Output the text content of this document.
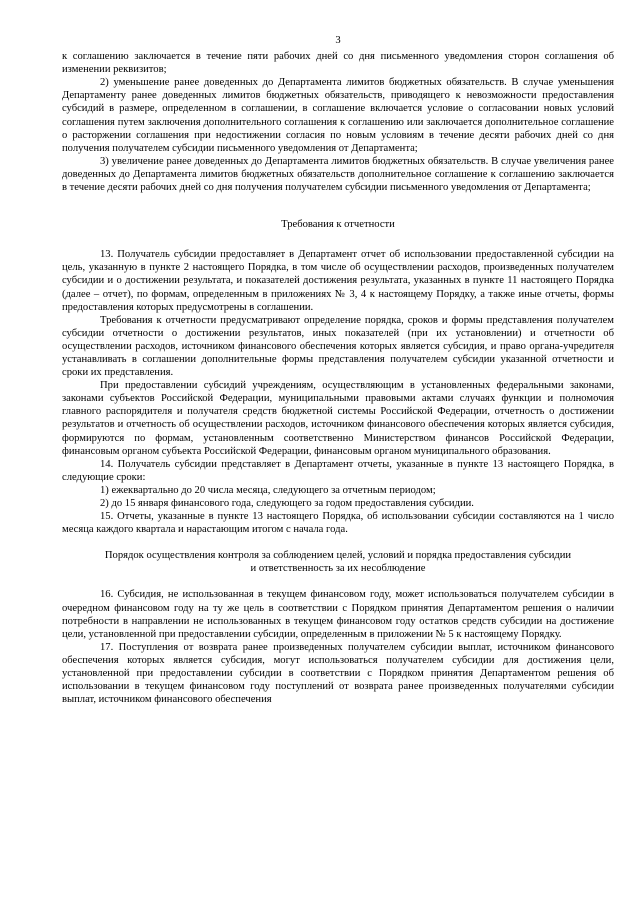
3

к соглашению заключается в течение пяти рабочих дней со дня письменного уведомления сторон соглашения об изменении реквизитов;

2) уменьшение ранее доведенных до Департамента лимитов бюджетных обязательств. В случае уменьшения Департаменту ранее доведенных лимитов бюджетных обязательств, приводящего к невозможности предоставления субсидий в размере, определенном в соглашении, в соглашение включается условие о согласовании новых условий соглашения путем заключения дополнительного соглашения к соглашению или заключается дополнительное соглашение о расторжении соглашения при недостижении согласия по новым условиям в течение десяти рабочих дней со дня получения получателем субсидии письменного уведомления от Департамента;

3) увеличение ранее доведенных до Департамента лимитов бюджетных обязательств. В случае увеличения ранее доведенных до Департамента лимитов бюджетных обязательств дополнительное соглашение к соглашению заключается в течение десяти рабочих дней со дня получения получателем субсидии письменного уведомления от Департамента;

Требования к отчетности

13. Получатель субсидии предоставляет в Департамент отчет об использовании предоставленной субсидии на цель, указанную в пункте 2 настоящего Порядка, в том числе об осуществлении расходов, произведенных получателем субсидии и о достижении результата, и показателей достижения результата, указанных в пункте 11 настоящего Порядка (далее – отчет), по формам, определенным в приложениях № 3, 4 к настоящему Порядку, а также иные отчеты, формы предоставления которых предусмотрены в соглашении.

Требования к отчетности предусматривают определение порядка, сроков и формы представления получателем субсидии отчетности о достижении результатов, иных показателей (при их установлении) и отчетности об осуществлении расходов, источником финансового обеспечения которых является субсидия, и право органа-учредителя устанавливать в соглашении дополнительные формы представления получателем субсидии указанной отчетности и сроки их представления.

При предоставлении субсидий учреждениям, осуществляющим в установленных федеральными законами, законами субъектов Российской Федерации, муниципальными правовыми актами случаях функции и полномочия главного распорядителя и получателя средств бюджетной системы Российской Федерации, отчетность о достижении результатов и отчетность об осуществлении расходов, источником финансового обеспечения которых является субсидия, формируются по формам, установленным соответственно Министерством финансов Российской Федерации, финансовым органом субъекта Российской Федерации, финансовым органом муниципального образования.

14. Получатель субсидии представляет в Департамент отчеты, указанные в пункте 13 настоящего Порядка, в следующие сроки:

1) ежеквартально до 20 числа месяца, следующего за отчетным периодом;

2) до 15 января финансового года, следующего за годом предоставления субсидии.

15. Отчеты, указанные в пункте 13 настоящего Порядка, об использовании субсидии составляются на 1 число месяца каждого квартала и нарастающим итогом с начала года.

Порядок осуществления контроля за соблюдением целей, условий и порядка предоставления субсидии и ответственность за их несоблюдение

16. Субсидия, не использованная в текущем финансовом году, может использоваться получателем субсидии в очередном финансовом году на ту же цель в соответствии с Порядком принятия Департаментом решения о наличии потребности в направлении не использованных в текущем финансовом году остатков средств субсидии на достижение цели, установленной при предоставлении субсидии, определенным в приложении № 5 к настоящему Порядку.

17. Поступления от возврата ранее произведенных получателем субсидии выплат, источником финансового обеспечения которых является субсидия, могут использоваться получателем субсидии для достижения цели, установленной при предоставлении субсидии в соответствии с Порядком принятия Департаментом решения об использовании в текущем финансовом году поступлений от возврата ранее произведенных получателями субсидии выплат, источником финансового обеспечения
